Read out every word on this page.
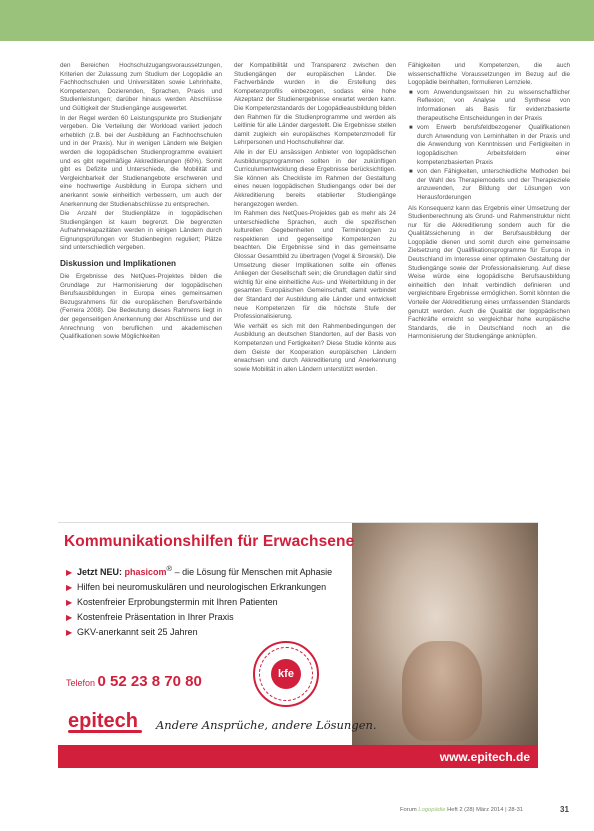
den Bereichen Hochschulzugangsvoraussetzungen, Kriterien der Zulassung zum Studium der Logopädie an Fachhochschulen und Universitäten sowie Lehrinhalte, Kompetenzen, Dozierenden, Sprachen, Praxis und Studienleistungen; darüber hinaus werden Abschlüsse und Gültigkeit der Studiengänge ausgewertet.

In der Regel werden 60 Leistungspunkte pro Studienjahr vergeben. Die Verteilung der Workload variiert jedoch erheblich (z.B. bei der Ausbildung an Fachhochschulen und in der Praxis). Nur in wenigen Ländern wie Belgien werden die logopädischen Studienprogramme evaluiert und es gibt regelmäßige Akkreditierungen (60%). Somit gibt es Defizite und Unterschiede, die Mobilität und Vergleichbarkeit der Studienangebote erschweren und eine hochwertige Ausbildung in Europa sichern und anerkannt sowie einheitlich verbessern, um auch der Anerkennung der Studienabschlüsse zu entsprechen.

Die Anzahl der Studienplätze in logopädischen Studiengängen ist kaum begrenzt. Die begrenzten Aufnahmekapazitäten werden in einigen Ländern durch Eignungsprüfungen vor Studienbeginn reguliert; Plätze sind unterschiedlich vergeben.

Diskussion und Implikationen

Die Ergebnisse des NetQues-Projektes bilden die Grundlage zur Harmonisierung der logopädischen Berufsausbildungen in Europa eines gemeinsamen Bezugsrahmens für die europäischen Berufsverbände (Ferreira 2008). Die Bedeutung dieses Rahmens liegt in der gegenseitigen Anerkennung der Abschlüsse und der Anrechnung von beruflichen und akademischen Qualifikationen sowie Möglichkeiten

der Kompatibilität und Transparenz zwischen den Studiengängen der europäischen Länder. Die Fachverbände wurden in die Erstellung des Kompetenzprofils einbezogen, sodass eine hohe Akzeptanz der Studienergebnisse erwartet werden kann. Die Kompetenzstandards der Logopädieausbildung bilden den Rahmen für die Studienprogramme und werden als Leitlinie für alle Länder dargestellt. Die Ergebnisse stellen damit zugleich ein europäisches Kompetenzmodell für Lehrpersonen und Hochschullehrer dar.

Alle in der EU ansässigen Anbieter von logopädischen Ausbildungsprogrammen sollten in der zukünftigen Curriculumentwicklung diese Ergebnisse berücksichtigen. Sie können als Checkliste im Rahmen der Gestaltung eines neuen logopädischen Studiengangs oder bei der Akkreditierung bereits etablierter Studiengänge herangezogen werden.

Im Rahmen des NetQues-Projektes gab es mehr als 24 unterschiedliche Sprachen, auch die spezifischen kulturellen Gegebenheiten und Terminologien zu respektieren und gegenseitige Kompetenzen zu beachten. Die Ergebnisse sind in das gemeinsame Glossar Gesamtbild zu übertragen (Vogel & Sirowski). Die Umsetzung dieser Implikationen sollte ein offenes Anliegen der Gesellschaft sein; die Grundlagen dafür sind wichtig für eine einheitliche Aus- und Weiterbildung in der gesamten Europäischen Gemeinschaft; damit verbindet der Standard der Ausbildung alle Länder und entwickelt neue Kompetenzen für die höchste Stufe der Professionalisierung.

Wie verhält es sich mit den Rahmenbedingungen der Ausbildung an deutschen Standorten, auf der Basis von Kompetenzen und Fertigkeiten? Diese Studie könnte aus dem Geiste der Kooperation europäischen Ländern erwachsen und durch Akkreditierung und Anerkennung sowie Mobilität in allen Ländern unterstützt werden.

Fähigkeiten und Kompetenzen, die auch wissenschaftliche Voraussetzungen im Bezug auf die Logopädie beinhalten, formulieren Lernziele.

■ vom Anwendungswissen hin zu wissenschaftlicher Reflexion; von Analyse und Synthese von Informationen als Basis für evidenzbasierte therapeutische Entscheidungen in der Praxis
■ vom Erwerb berufsfeldbezogener Qualifikationen durch Anwendung von Lerninhalten in der Praxis und die Anwendung von Kenntnissen und Fertigkeiten in logopädischen Arbeitsfeldern einer kompetenzbasierten Praxis
■ von den Fähigkeiten, unterschiedliche Methoden bei der Wahl des Therapiemodells und der Therapieziele anzuwenden, zur Bildung der Lösungen von Herausforderungen

Als Konsequenz kann das Ergebnis einer Umsetzung der Studienberechnung als Grund- und Rahmenstruktur nicht nur für die Akkreditierung sondern auch für die Qualitätssicherung in der Berufsausbildung der Logopädie dienen und somit durch eine gemeinsame Zielsetzung der Qualifikationsprogramme für Europa in Deutschland im Interesse einer optimalen Gestaltung der Studiengänge sowie der Professionalisierung. Auf diese Weise würde eine logopädische Berufsausbildung einheitlich den Inhalt verbindlich definieren und vergleichbare Ergebnisse ermöglichen. Somit könnten die Vorteile der Akkreditierung eines umfassenden Standards genutzt werden. Auch die Qualität der logopädischen Fachkräfte erreicht so vergleichbar hohe europäische Standards, die in Deutschland noch an die Harmonisierung der Studiengänge anknüpfen.

Kommunikationshilfen für Erwachsene
▶ Jetzt NEU: phasicom® – die Lösung für Menschen mit Aphasie
▶ Hilfen bei neuromuskulären und neurologischen Erkrankungen
▶ Kostenfreier Erprobungstermin mit Ihren Patienten
▶ Kostenfreie Präsentation in Ihrer Praxis
▶ GKV-anerkannt seit 25 Jahren
Telefon 0 52 23 8 70 80	kfe
epitech	Andere Ansprüche, andere Lösungen.
www.epitech.de
Forum Logopädie Heft 2 (28) März 2014 | 28-31	31
